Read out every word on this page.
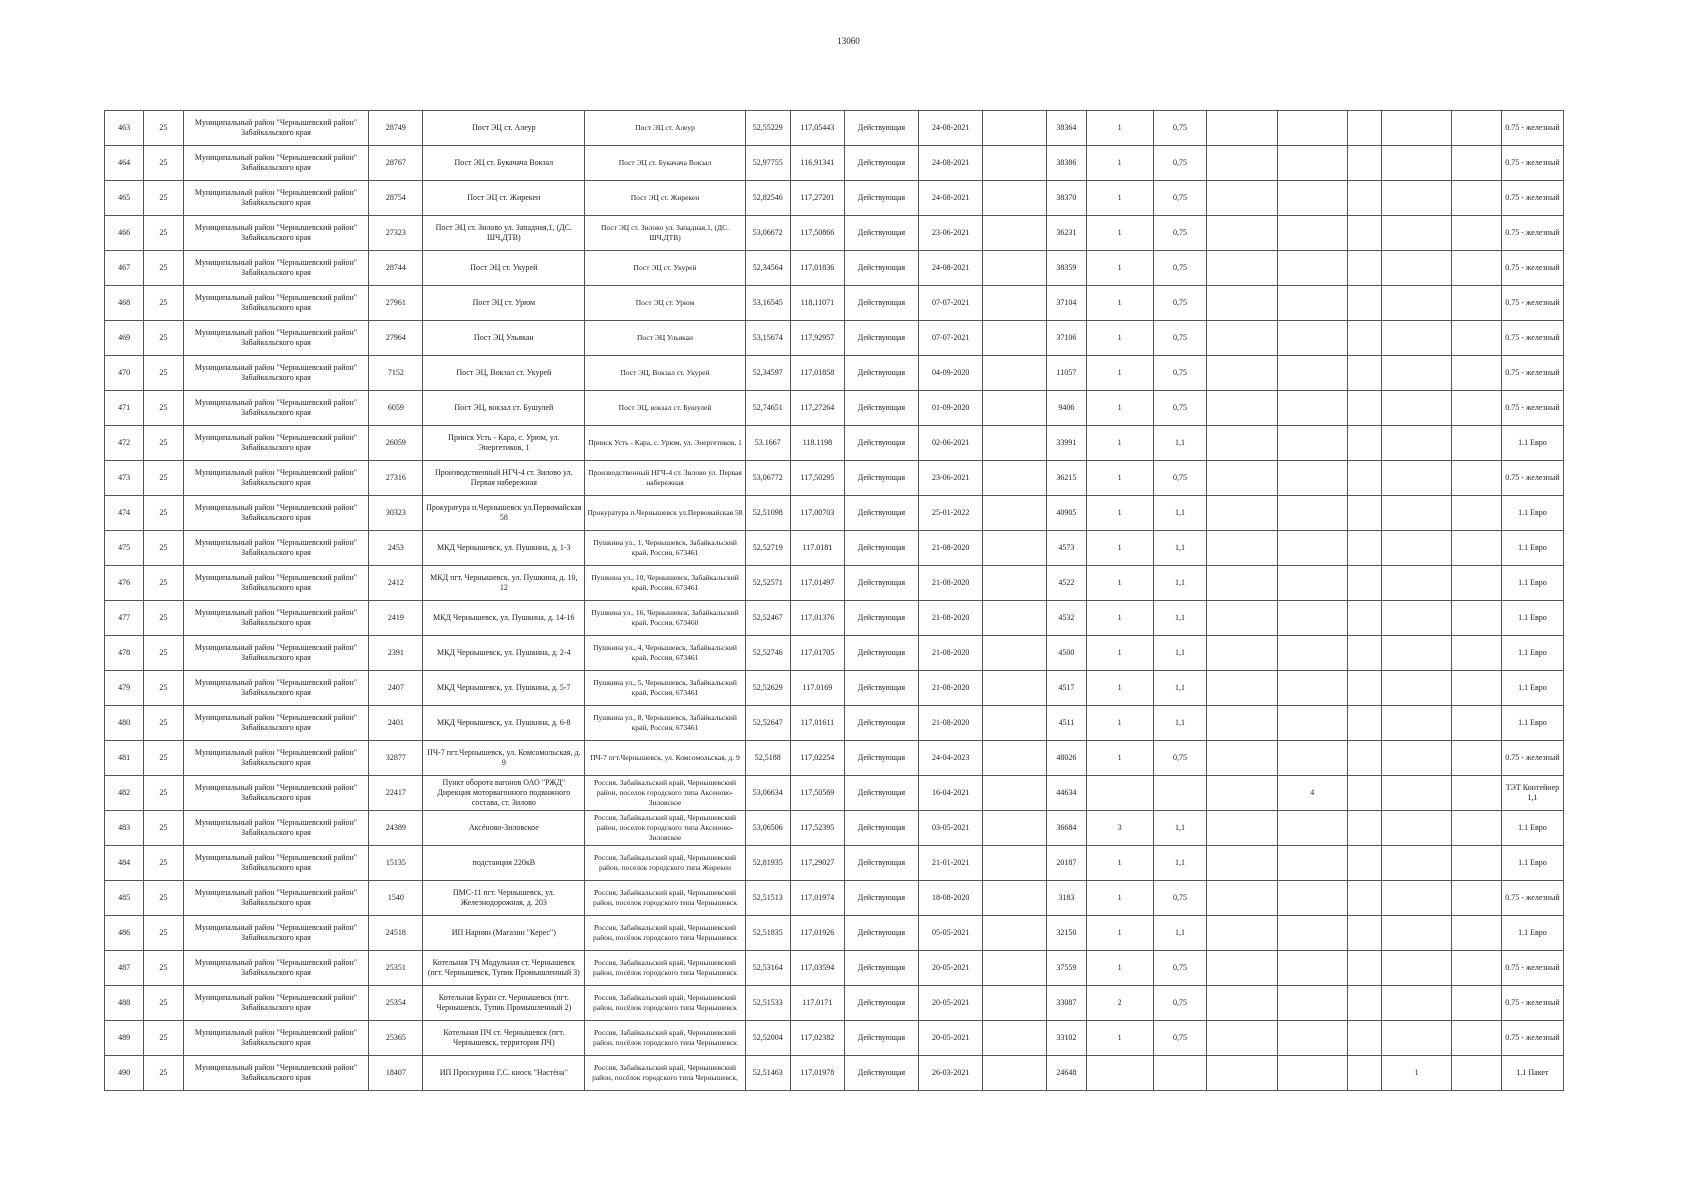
13060
463	25	Муниципальный район "Чернышевский район" Забайкальского края	28749	Пост ЭЦ ст. Алеур	Пост ЭЦ ст. Алеур	52,55229	117,05443	Действующая	24-08-2021		38364	1	0,75						0.75 - железный
464	25	Муниципальный район "Чернышевский район" Забайкальского края	28767	Пост ЭЦ ст. Букачача Вокзал	Пост ЭЦ ст. Букачача Вокзал	52,97755	116,91341	Действующая	24-08-2021		38386	1	0,75						0.75 - железный
465	25	Муниципальный район "Чернышевский район" Забайкальского края	28754	Пост ЭЦ ст. Жирекен	Пост ЭЦ ст. Жирекен	52,82546	117,27201	Действующая	24-08-2021		38370	1	0,75						0.75 - железный
466	25	Муниципальный район "Чернышевский район" Забайкальского края	27323	Пост ЭЦ ст. Зилово ул. Западная,1, (ДС. ШЧ,ДТВ)	Пост ЭЦ ст. Зилово ул. Западная,1, (ДС. ШЧ,ДТВ)	53,06672	117,50866	Действующая	23-06-2021		36231	1	0,75						0.75 - железный
467	25	Муниципальный район "Чернышевский район" Забайкальского края	28744	Пост ЭЦ ст. Укурей	Пост ЭЦ ст. Укурей	52,34564	117,01836	Действующая	24-08-2021		38359	1	0,75						0.75 - железный
468	25	Муниципальный район "Чернышевский район" Забайкальского края	27961	Пост ЭЦ ст. Урюм	Пост ЭЦ ст. Урюм	53,16545	118,11071	Действующая	07-07-2021		37104	1	0,75						0.75 - железный
469	25	Муниципальный район "Чернышевский район" Забайкальского края	27964	Пост ЭЦ Ульякан	Пост ЭЦ Ульякан	53,15674	117,92957	Действующая	07-07-2021		37106	1	0,75						0.75 - железный
470	25	Муниципальный район "Чернышевский район" Забайкальского края	7152	Пост ЭЦ, Вокзал ст. Укурей	Пост ЭЦ, Вокзал ст. Укурей	52,34597	117,01858	Действующая	04-09-2020		11057	1	0,75						0.75 - железный
471	25	Муниципальный район "Чернышевский район" Забайкальского края	6059	Пост ЭЦ, вокзал ст. Бушулей	Пост ЭЦ, вокзал ст. Бушулей	52,74651	117,27264	Действующая	01-09-2020		9406	1	0,75						0.75 - железный
472	25	Муниципальный район "Чернышевский район" Забайкальского края	26059	Прииск Усть - Кара, с. Урюм, ул. Энергетиков, 1	Прииск Усть - Кара, с. Урюм, ул. Энергетиков, 1	53.1667	118.1198	Действующая	02-06-2021		33991	1	1,1						1.1 Евро
473	25	Муниципальный район "Чернышевский район" Забайкальского края	27316	Производственный НГЧ-4 ст. Зилово ул. Первая набережная	Производственный НГЧ-4 ст. Зилово ул. Первая набережная	53,06772	117,50295	Действующая	23-06-2021		36215	1	0,75						0.75 - железный
474	25	Муниципальный район "Чернышевский район" Забайкальского края	30323	Прокуратура п.Чернышевск ул.Первомайская 58	Прокуратура п.Чернышевск ул.Первомайская 58	52,51098	117,00703	Действующая	25-01-2022		40905	1	1,1						1.1 Евро
475	25	Муниципальный район "Чернышевский район" Забайкальского края	2453	МКД Чернышевск, ул. Пушкина, д. 1-3	Пушкина ул., 1, Чернышевск, Забайкальский край, Россия, 673461	52,52719	117.0181	Действующая	21-08-2020		4573	1	1,1						1.1 Евро
476	25	Муниципальный район "Чернышевский район" Забайкальского края	2412	МКД пгт. Чернышевск, ул. Пушкина, д. 10, 12	Пушкина ул., 10, Чернышевск, Забайкальский край, Россия, 673461	52,52571	117,01497	Действующая	21-08-2020		4522	1	1,1						1.1 Евро
477	25	Муниципальный район "Чернышевский район" Забайкальского края	2419	МКД Чернышевск, ул. Пушкина, д. 14-16	Пушкина ул., 16, Чернышевск, Забайкальский край, Россия, 673460	52,52467	117,01376	Действующая	21-08-2020		4532	1	1,1						1.1 Евро
478	25	Муниципальный район "Чернышевский район" Забайкальского края	2391	МКД Чернышевск, ул. Пушкина, д. 2-4	Пушкина ул., 4, Чернышевск, Забайкальский край, Россия, 673461	52,52746	117,01705	Действующая	21-08-2020		4500	1	1,1						1.1 Евро
479	25	Муниципальный район "Чернышевский район" Забайкальского края	2407	МКД Чернышевск, ул. Пушкина, д. 5-7	Пушкина ул., 5, Чернышевск, Забайкальский край, Россия, 673461	52,52629	117.0169	Действующая	21-08-2020		4517	1	1,1						1.1 Евро
480	25	Муниципальный район "Чернышевский район" Забайкальского края	2401	МКД Чернышевск, ул. Пушкина, д. 6-8	Пушкина ул., 8, Чернышевск, Забайкальский край, Россия, 673461	52,52647	117,01611	Действующая	21-08-2020		4511	1	1,1						1.1 Евро
481	25	Муниципальный район "Чернышевский район" Забайкальского края	32877	ПЧ-7 пгт.Чернышевск, ул. Комсомольская, д. 9	ПЧ-7 пгт.Чернышевск, ул. Комсомольская, д. 9	52,5188	117,02254	Действующая	24-04-2023		48026	1	0,75						0.75 - железный
482	25	Муниципальный район "Чернышевский район" Забайкальского края	22417	Пункт оборота вагонов ОАО "РЖД" Дирекция моторвагонного подвижного состава, ст. Зилово	Россия, Забайкальский край, Чернышевский район, поселок городского типа Аксеново-Зиловское	53,06634	117,50569	Действующая	16-04-2021		44634				4				ТЭТ Контейнер 1,1
483	25	Муниципальный район "Чернышевский район" Забайкальского края	24389	Аксёново-Зиловское	Россия, Забайкальский край, Чернышевский район, поселок городского типа Аксеново-Зиловское	53,06506	117,52395	Действующая	03-05-2021		36684	3	1,1						1.1 Евро
484	25	Муниципальный район "Чернышевский район" Забайкальского края	15135	подстанция 220кВ	Россия, Забайкальский край, Чернышевский район, поселок городского типа Жирекен	52,81935	117,29027	Действующая	21-01-2021		20187	1	1,1						1.1 Евро
485	25	Муниципальный район "Чернышевский район" Забайкальского края	1540	ПМС-11 пгт. Чернышевск, ул. Железнодорожная, д. 203	Россия, Забайкальский край, Чернышевский район, поселок городского типа Чернышевск	52,51513	117,01974	Действующая	18-08-2020		3183	1	0,75						0.75 - железный
486	25	Муниципальный район "Чернышевский район" Забайкальского края	24518	ИП Нарнян (Магазин "Керес")	Россия, Забайкальский край, Чернышевский район, посёлок городского типа Чернышевск	52,51835	117,01926	Действующая	05-05-2021		32150	1	1,1						1.1 Евро
487	25	Муниципальный район "Чернышевский район" Забайкальского края	25351	Котельная ТЧ Модульная ст. Чернышевск (пгт. Чернышевск, Тупик Промышленный 3)	Россия, Забайкальский край, Чернышевский район, посёлок городского типа Чернышевск	52,53164	117,03594	Действующая	20-05-2021		37559	1	0,75						0.75 - железный
488	25	Муниципальный район "Чернышевский район" Забайкальского края	25354	Котельная Буран ст. Чернышевск (пгт. Чернышевск, Тупик Промышленный 2)	Россия, Забайкальский край, Чернышевский район, посёлок городского типа Чернышевск	52,51533	117.0171	Действующая	20-05-2021		33087	2	0,75						0.75 - железный
489	25	Муниципальный район "Чернышевский район" Забайкальского края	25365	Котельная ПЧ ст. Чернышевск (пгт. Чернышевск, территория ПЧ)	Россия, Забайкальский край, Чернышевский район, посёлок городского типа Чернышевск	52,52004	117,02382	Действующая	20-05-2021		33102	1	0,75						0.75 - железный
490	25	Муниципальный район "Чернышевский район" Забайкальского края	18407	ИП Проскурина Г.С. киоск "Настёна"	Россия, Забайкальский край, Чернышевский район, посёлок городского типа Чернышевск,	52,51463	117,01978	Действующая	26-03-2021		24648						1		1.1 Пакет
